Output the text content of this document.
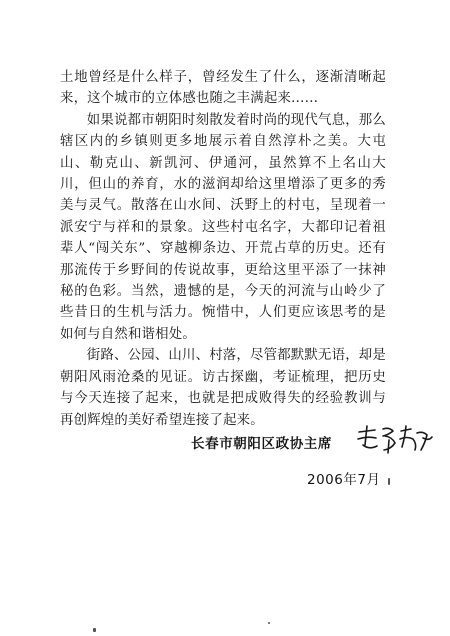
土地曾经是什么样子，曾经发生了什么，逐渐清晰起来，这个城市的立体感也随之丰满起来……

如果说都市朝阳时刻散发着时尚的现代气息，那么辖区内的乡镇则更多地展示着自然淳朴之美。大屯山、勒克山、新凯河、伊通河，虽然算不上名山大川，但山的养育，水的滋润却给这里增添了更多的秀美与灵气。散落在山水间、沃野上的村屯，呈现着一派安宁与祥和的景象。这些村屯名字，大都印记着祖辈人“闯关东”、穿越柳条边、开荒占草的历史。还有那流传于乡野间的传说故事，更给这里平添了一抹神秘的色彩。当然，遗憾的是，今天的河流与山岭少了些昔日的生机与活力。惋惜中，人们更应该思考的是如何与自然和谐相处。

街路、公园、山川、村落，尽管都默默无语，却是朝阳风雨沧桑的见证。访古探幽，考证梳理，把历史与今天连接了起来，也就是把成败得失的经验教训与再创辉煌的美好希望连接了起来。

长春市朝阳区政协主席
2006年7月
